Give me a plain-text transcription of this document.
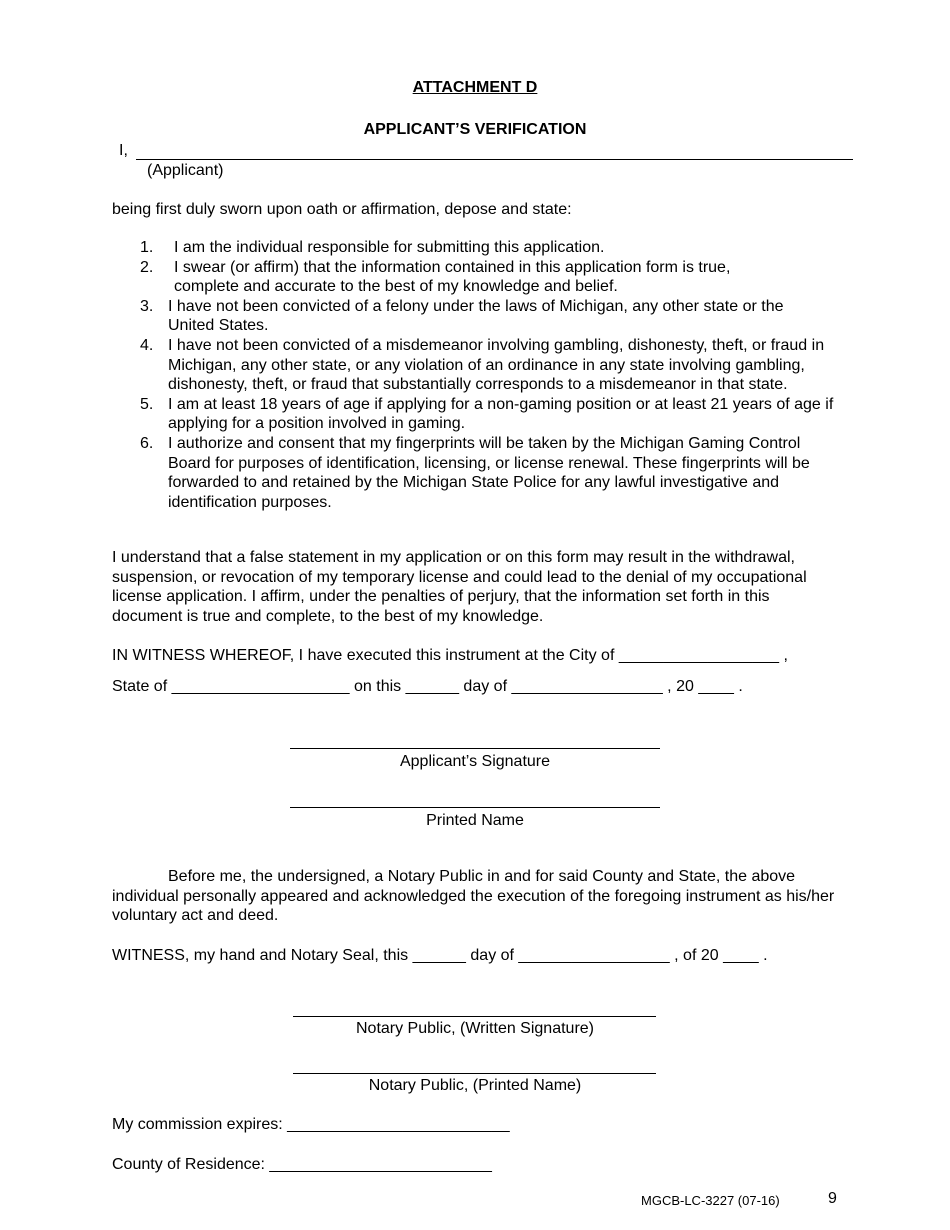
ATTACHMENT D
APPLICANT’S VERIFICATION
I,
(Applicant)
being first duly sworn upon oath or affirmation, depose and state:
1. I am the individual responsible for submitting this application.
2. I swear (or affirm) that the information contained in this application form is true, complete and accurate to the best of my knowledge and belief.
3. I have not been convicted of a felony under the laws of Michigan, any other state or the United States.
4. I have not been convicted of a misdemeanor involving gambling, dishonesty, theft, or fraud in Michigan, any other state, or any violation of an ordinance in any state involving gambling, dishonesty, theft, or fraud that substantially corresponds to a misdemeanor in that state.
5. I am at least 18 years of age if applying for a non-gaming position or at least 21 years of age if applying for a position involved in gaming.
6. I authorize and consent that my fingerprints will be taken by the Michigan Gaming Control Board for purposes of identification, licensing, or license renewal. These fingerprints will be forwarded to and retained by the Michigan State Police for any lawful investigative and identification purposes.
I understand that a false statement in my application or on this form may result in the withdrawal, suspension, or revocation of my temporary license and could lead to the denial of my occupational license application. I affirm, under the penalties of perjury, that the information set forth in this document is true and complete, to the best of my knowledge.
IN WITNESS WHEREOF, I have executed this instrument at the City of __________________ ,
State of ____________________ on this ______ day of _________________ , 20 ____ .
Applicant’s Signature
Printed Name
Before me, the undersigned, a Notary Public in and for said County and State, the above individual personally appeared and acknowledged the execution of the foregoing instrument as his/her voluntary act and deed.
WITNESS, my hand and Notary Seal, this ______ day of _________________ , of 20 ____ .
Notary Public, (Written Signature)
Notary Public, (Printed Name)
My commission expires: _________________________
County of Residence: _________________________
MGCB-LC-3227 (07-16)	9
